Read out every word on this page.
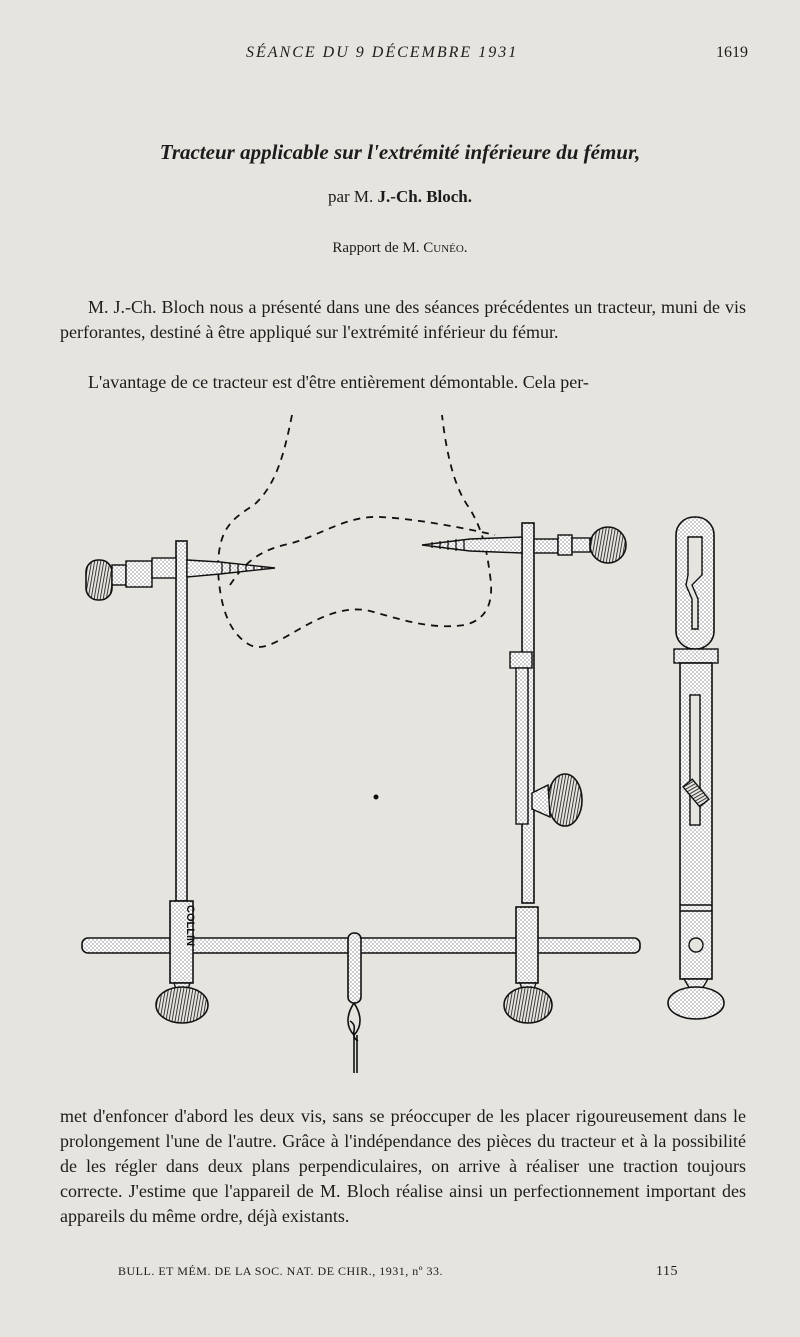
SÉANCE DU 9 DÉCEMBRE 1931	1619
Tracteur applicable sur l'extrémité inférieure du fémur,
par M. J.-Ch. Bloch.
Rapport de M. Cunéo.

M. J.-Ch. Bloch nous a présenté dans une des séances précédentes un tracteur, muni de vis perforantes, destiné à être appliqué sur l'extrémité inférieur du fémur.

L'avantage de ce tracteur est d'être entièrement démontable. Cela per-

COLLIN

met d'enfoncer d'abord les deux vis, sans se préoccuper de les placer rigoureusement dans le prolongement l'une de l'autre. Grâce à l'indépendance des pièces du tracteur et à la possibilité de les régler dans deux plans perpendiculaires, on arrive à réaliser une traction toujours correcte. J'estime que l'appareil de M. Bloch réalise ainsi un perfectionnement important des appareils du même ordre, déjà existants.

BULL. ET MÉM. DE LA SOC. NAT. DE CHIR., 1931, nº 33.	115
